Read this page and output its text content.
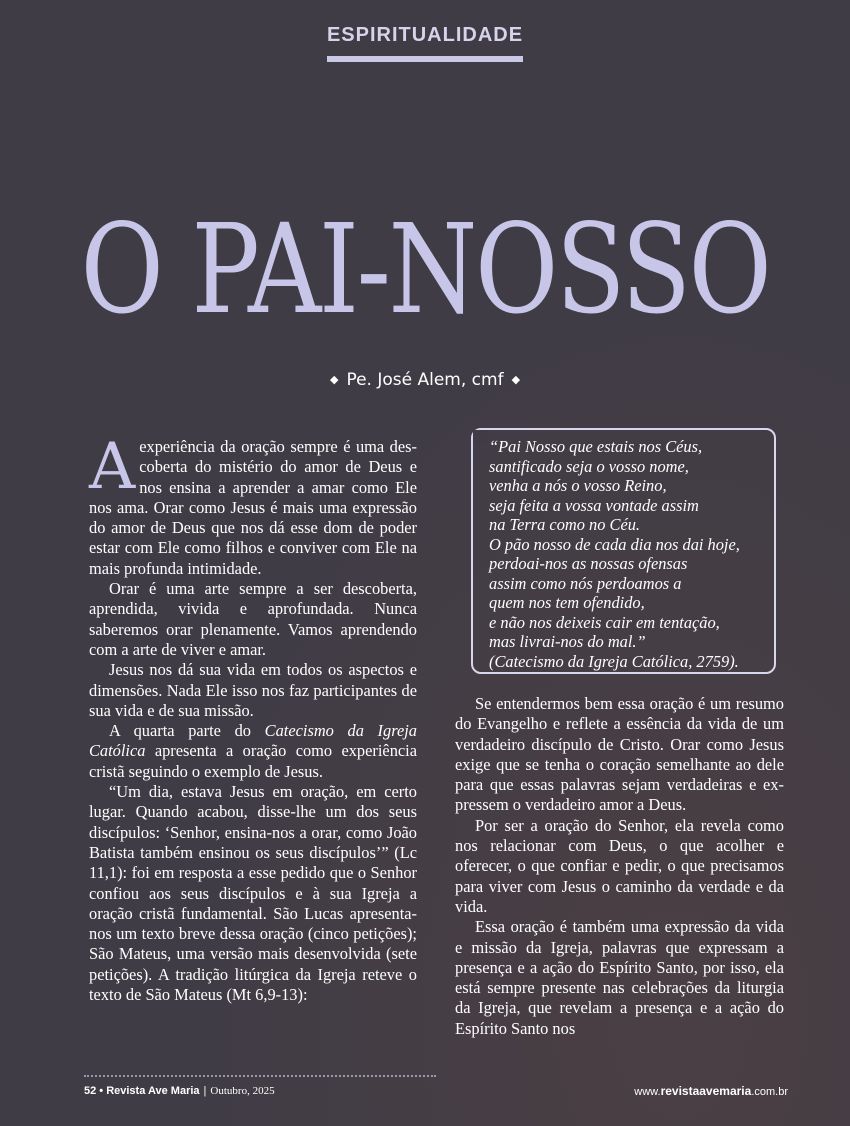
ESPIRITUALIDADE
O PAI-NOSSO
◆ Pe. José Alem, cmf ◆

Aexperiência da oração sempre é uma descoberta do mistério do amor de Deus e nos ensina a aprender a amar como Ele nos ama. Orar como Jesus é mais uma expressão do amor de Deus que nos dá esse dom de poder estar com Ele como filhos e conviver com Ele na mais profunda intimidade.

Orar é uma arte sempre a ser descoberta, aprendida, vivida e aprofundada. Nunca saberemos orar plenamente. Vamos aprendendo com a arte de viver e amar.

Jesus nos dá sua vida em todos os aspectos e dimensões. Nada Ele isso nos faz participantes de sua vida e de sua missão.

A quarta parte do Catecismo da Igreja Católica apresenta a oração como experiência cristã seguindo o exemplo de Jesus.

“Um dia, estava Jesus em oração, em certo lugar. Quando acabou, disse-lhe um dos seus discípulos: ‘Senhor, ensina-nos a orar, como João Batista também ensinou os seus discípulos’” (Lc 11,1): foi em resposta a esse pedido que o Senhor confiou aos seus discípulos e à sua Igreja a oração cristã fundamental. São Lucas apresenta-nos um texto breve dessa oração (cinco petições); São Mateus, uma versão mais desenvolvida (sete petições). A tradição litúrgica da Igreja reteve o texto de São Mateus (Mt 6,9-13):

“Pai Nosso que estais nos Céus,
santificado seja o vosso nome,
venha a nós o vosso Reino,
seja feita a vossa vontade assim
na Terra como no Céu.
O pão nosso de cada dia nos dai hoje,
perdoai-nos as nossas ofensas
assim como nós perdoamos a
quem nos tem ofendido,
e não nos deixeis cair em tentação,
mas livrai-nos do mal.”
(Catecismo da Igreja Católica, 2759).

Se entendermos bem essa oração é um resumo do Evangelho e reflete a essência da vida de um verdadeiro discípulo de Cristo. Orar como Jesus exige que se tenha o coração semelhante ao dele para que essas palavras sejam verdadeiras e expressem o verdadeiro amor a Deus.

Por ser a oração do Senhor, ela revela como nos relacionar com Deus, o que acolher e oferecer, o que confiar e pedir, o que precisamos para viver com Jesus o caminho da verdade e da vida.

Essa oração é também uma expressão da vida e missão da Igreja, palavras que expressam a presença e a ação do Espírito Santo, por isso, ela está sempre presente nas celebrações da liturgia da Igreja, que revelam a presença e a ação do Espírito Santo nos

52 • Revista Ave Maria | Outubro, 2025	www.revistaavemaria.com.br
